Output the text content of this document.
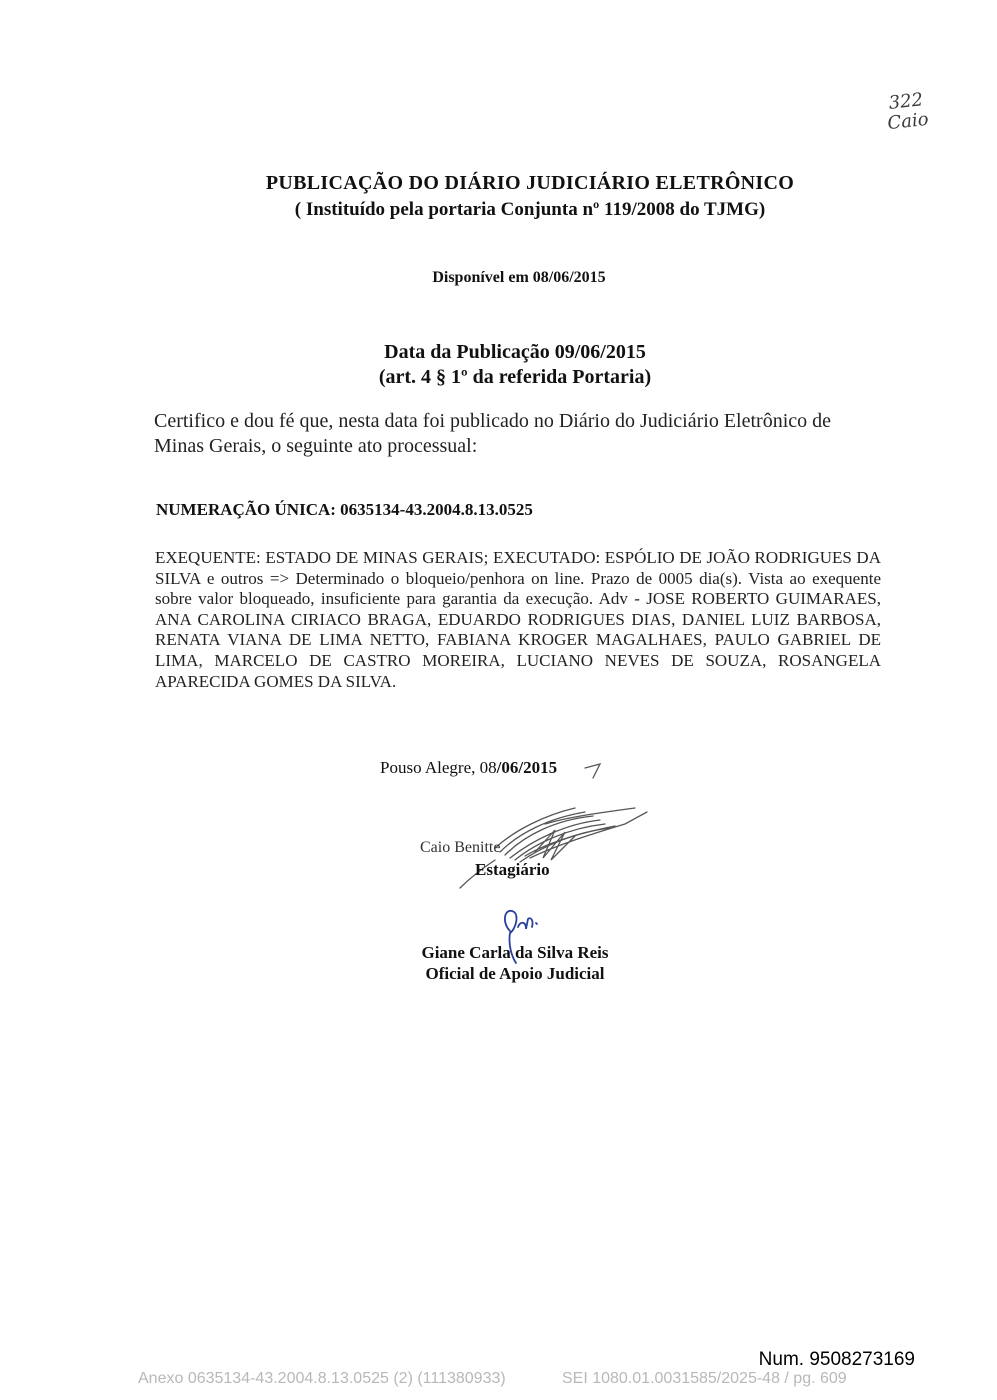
322
Caio
PUBLICAÇÃO DO DIÁRIO JUDICIÁRIO ELETRÔNICO
( Instituído pela portaria Conjunta nº 119/2008 do TJMG)
Disponível em 08/06/2015
Data da Publicação 09/06/2015
(art. 4 § 1º da referida Portaria)
Certifico e dou fé que, nesta data foi publicado no Diário do Judiciário Eletrônico de Minas Gerais, o seguinte ato processual:
NUMERAÇÃO ÚNICA: 0635134-43.2004.8.13.0525
EXEQUENTE: ESTADO DE MINAS GERAIS; EXECUTADO: ESPÓLIO DE JOÃO RODRIGUES DA SILVA e outros => Determinado o bloqueio/penhora on line. Prazo de 0005 dia(s). Vista ao exequente sobre valor bloqueado, insuficiente para garantia da execução. Adv - JOSE ROBERTO GUIMARAES, ANA CAROLINA CIRIACO BRAGA, EDUARDO RODRIGUES DIAS, DANIEL LUIZ BARBOSA, RENATA VIANA DE LIMA NETTO, FABIANA KROGER MAGALHAES, PAULO GABRIEL DE LIMA, MARCELO DE CASTRO MOREIRA, LUCIANO NEVES DE SOUZA, ROSANGELA APARECIDA GOMES DA SILVA.
Pouso Alegre, 08/06/2015
Caio Benitte
Estagiário
Giane Carla da Silva Reis
Oficial de Apoio Judicial
Num. 9508273169
Anexo 0635134-43.2004.8.13.0525 (2) (111380933)	SEI 1080.01.0031585/2025-48 / pg. 609
